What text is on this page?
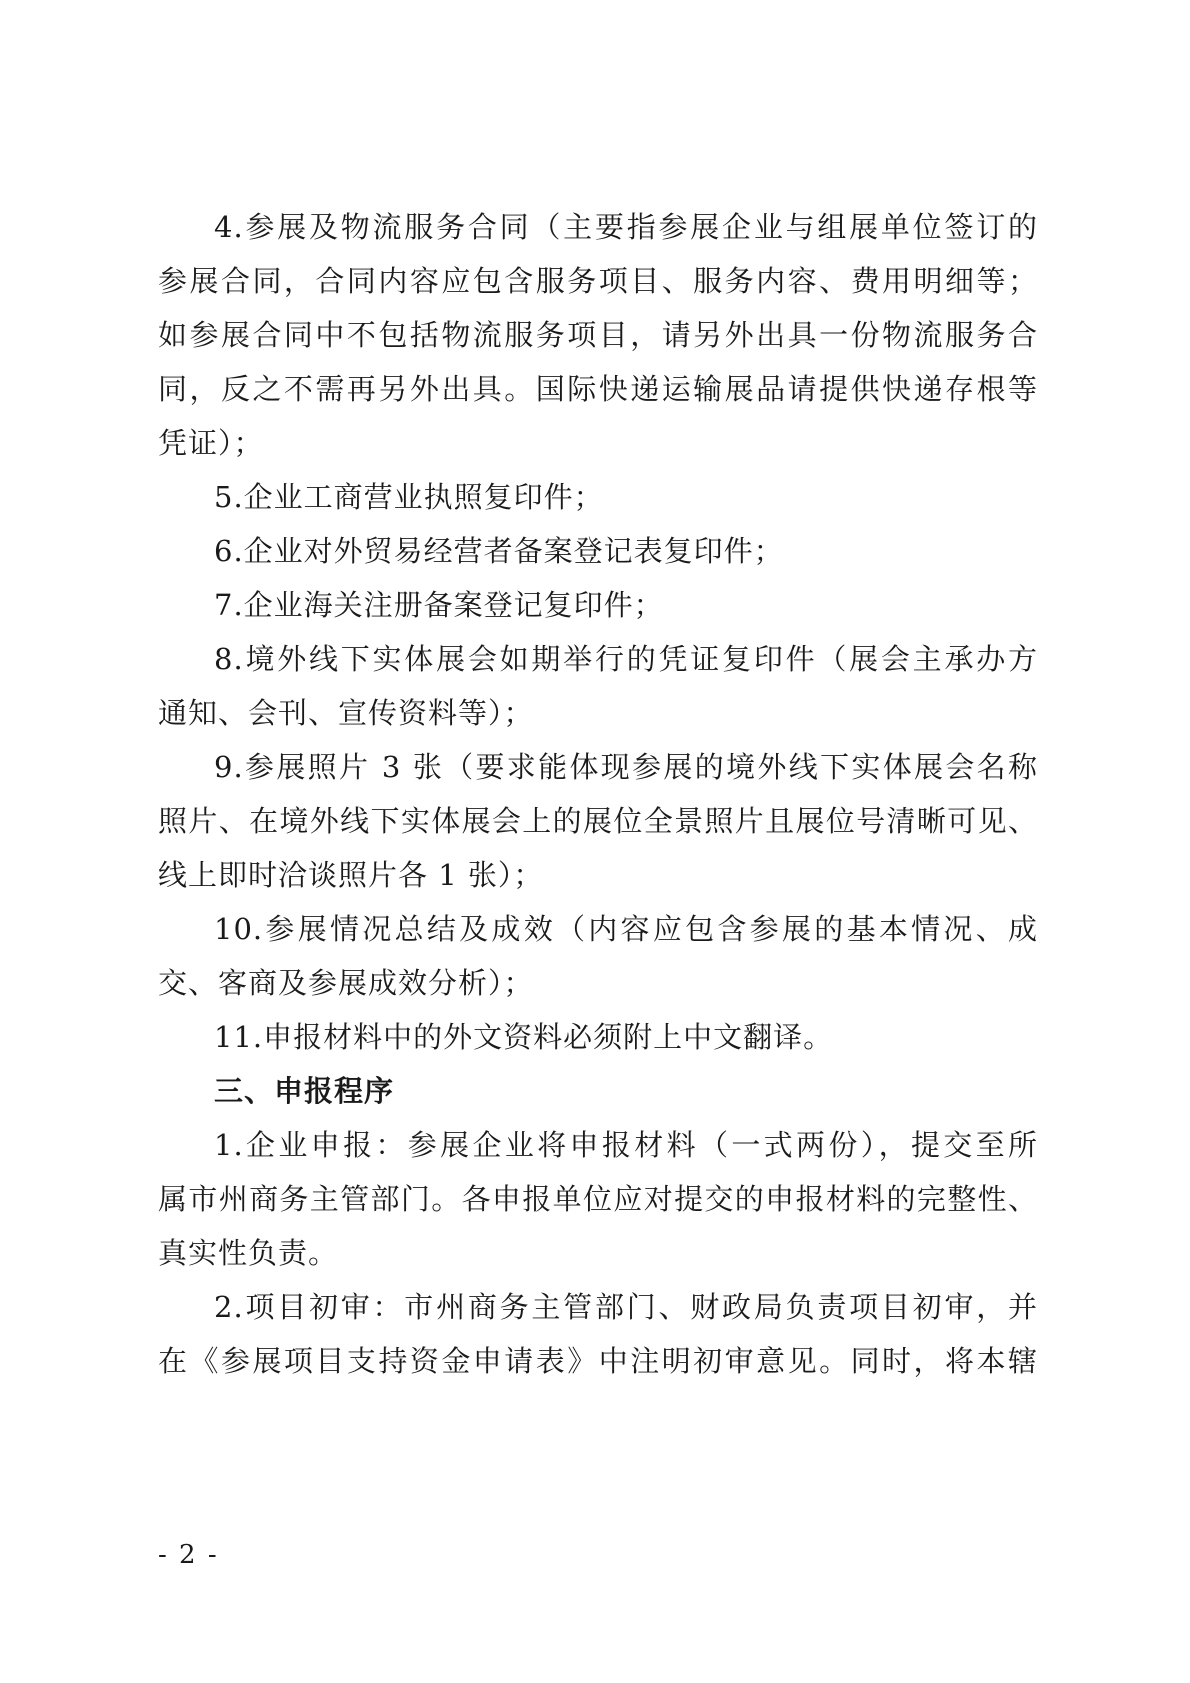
4.参展及物流服务合同（主要指参展企业与组展单位签订的
参展合同，合同内容应包含服务项目、服务内容、费用明细等；
如参展合同中不包括物流服务项目，请另外出具一份物流服务合
同，反之不需再另外出具。国际快递运输展品请提供快递存根等
凭证）；
5.企业工商营业执照复印件；
6.企业对外贸易经营者备案登记表复印件；
7.企业海关注册备案登记复印件；
8.境外线下实体展会如期举行的凭证复印件（展会主承办方
通知、会刊、宣传资料等）；
9.参展照片 3 张（要求能体现参展的境外线下实体展会名称
照片、在境外线下实体展会上的展位全景照片且展位号清晰可见、
线上即时洽谈照片各 1 张）；
10.参展情况总结及成效（内容应包含参展的基本情况、成
交、客商及参展成效分析）；
11.申报材料中的外文资料必须附上中文翻译。
三、申报程序
1.企业申报：参展企业将申报材料（一式两份），提交至所
属市州商务主管部门。各申报单位应对提交的申报材料的完整性、
真实性负责。
2.项目初审：市州商务主管部门、财政局负责项目初审，并
在《参展项目支持资金申请表》中注明初审意见。同时，将本辖
- 2 -
